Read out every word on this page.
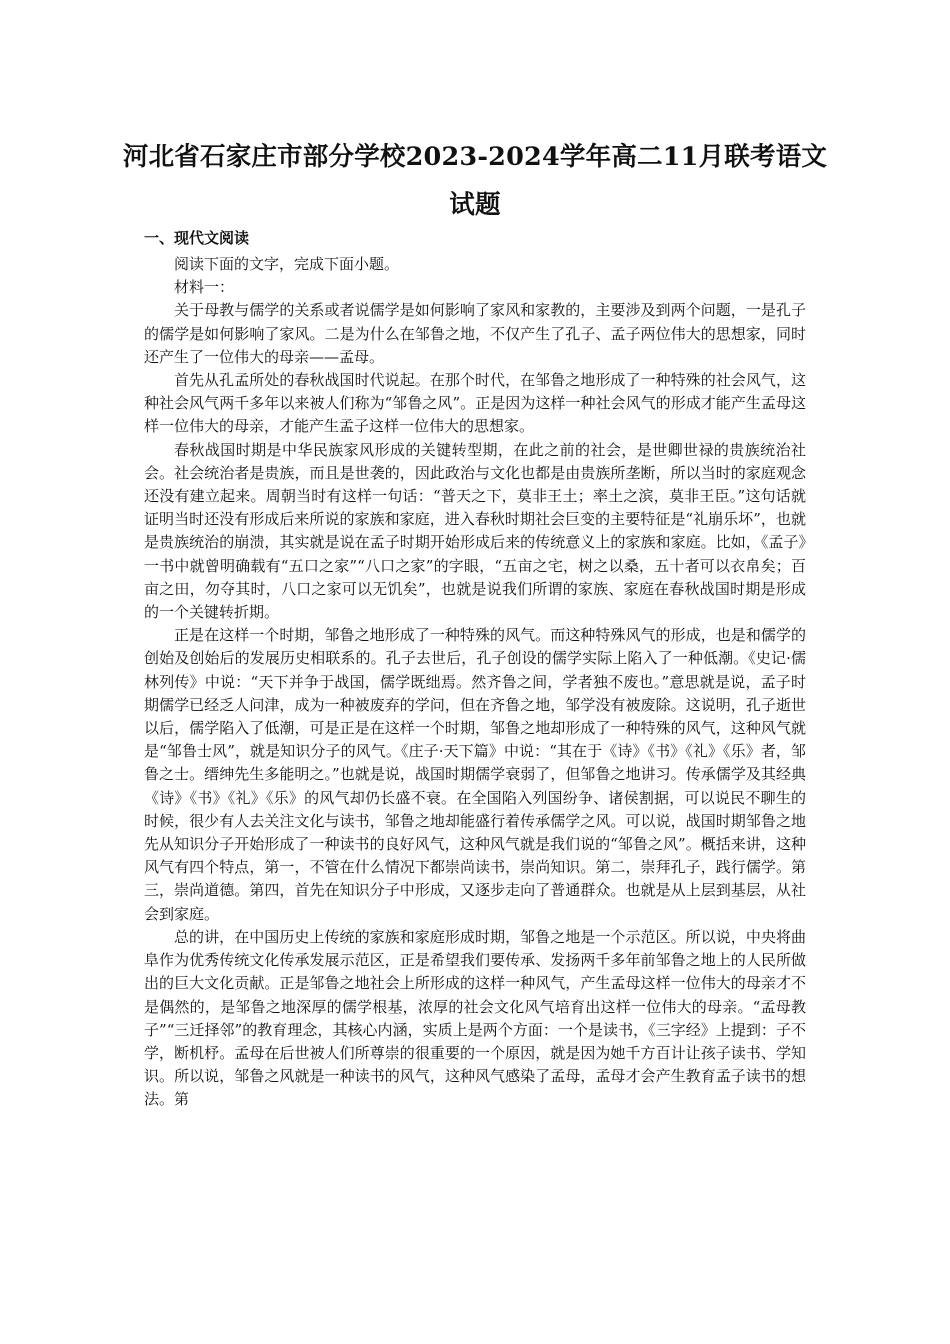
河北省石家庄市部分学校2023-2024学年高二11月联考语文试题
一、现代文阅读

阅读下面的文字，完成下面小题。

材料一：

关于母教与儒学的关系或者说儒学是如何影响了家风和家教的，主要涉及到两个问题，一是孔子的儒学是如何影响了家风。二是为什么在邹鲁之地，不仅产生了孔子、孟子两位伟大的思想家，同时还产生了一位伟大的母亲——孟母。

首先从孔孟所处的春秋战国时代说起。在那个时代，在邹鲁之地形成了一种特殊的社会风气，这种社会风气两千多年以来被人们称为“邹鲁之风”。正是因为这样一种社会风气的形成才能产生孟母这样一位伟大的母亲，才能产生孟子这样一位伟大的思想家。

春秋战国时期是中华民族家风形成的关键转型期，在此之前的社会，是世卿世禄的贵族统治社会。社会统治者是贵族，而且是世袭的，因此政治与文化也都是由贵族所垄断，所以当时的家庭观念还没有建立起来。周朝当时有这样一句话：“普天之下，莫非王土；率土之滨，莫非王臣。”这句话就证明当时还没有形成后来所说的家族和家庭，进入春秋时期社会巨变的主要特征是“礼崩乐坏”，也就是贵族统治的崩溃，其实就是说在孟子时期开始形成后来的传统意义上的家族和家庭。比如，《孟子》一书中就曾明确载有“五口之家”“八口之家”的字眼，“五亩之宅，树之以桑，五十者可以衣帛矣；百亩之田，勿夺其时，八口之家可以无饥矣”，也就是说我们所谓的家族、家庭在春秋战国时期是形成的一个关键转折期。

正是在这样一个时期，邹鲁之地形成了一种特殊的风气。而这种特殊风气的形成，也是和儒学的创始及创始后的发展历史相联系的。孔子去世后，孔子创设的儒学实际上陷入了一种低潮。《史记·儒林列传》中说：“天下并争于战国，儒学既绌焉。然齐鲁之间，学者独不废也。”意思就是说，孟子时期儒学已经乏人问津，成为一种被废弃的学问，但在齐鲁之地，邹学没有被废除。这说明，孔子逝世以后，儒学陷入了低潮，可是正是在这样一个时期，邹鲁之地却形成了一种特殊的风气，这种风气就是“邹鲁士风”，就是知识分子的风气。《庄子·天下篇》中说：“其在于《诗》《书》《礼》《乐》者，邹鲁之士。缙绅先生多能明之。”也就是说，战国时期儒学衰弱了，但邹鲁之地讲习。传承儒学及其经典《诗》《书》《礼》《乐》的风气却仍长盛不衰。在全国陷入列国纷争、诸侯割据，可以说民不聊生的时候，很少有人去关注文化与读书，邹鲁之地却能盛行着传承儒学之风。可以说，战国时期邹鲁之地先从知识分子开始形成了一种读书的良好风气，这种风气就是我们说的“邹鲁之风”。概括来讲，这种风气有四个特点，第一，不管在什么情况下都崇尚读书，崇尚知识。第二，崇拜孔子，践行儒学。第三，崇尚道德。第四，首先在知识分子中形成，又逐步走向了普通群众。也就是从上层到基层，从社会到家庭。

总的讲，在中国历史上传统的家族和家庭形成时期，邹鲁之地是一个示范区。所以说，中央将曲阜作为优秀传统文化传承发展示范区，正是希望我们要传承、发扬两千多年前邹鲁之地上的人民所做出的巨大文化贡献。正是邹鲁之地社会上所形成的这样一种风气，产生孟母这样一位伟大的母亲才不是偶然的，是邹鲁之地深厚的儒学根基，浓厚的社会文化风气培育出这样一位伟大的母亲。“孟母教子”“三迁择邻”的教育理念，其核心内涵，实质上是两个方面：一个是读书，《三字经》上提到：子不学，断机杼。孟母在后世被人们所尊崇的很重要的一个原因，就是因为她千方百计让孩子读书、学知识。所以说，邹鲁之风就是一种读书的风气，这种风气感染了孟母，孟母才会产生教育孟子读书的想法。第
